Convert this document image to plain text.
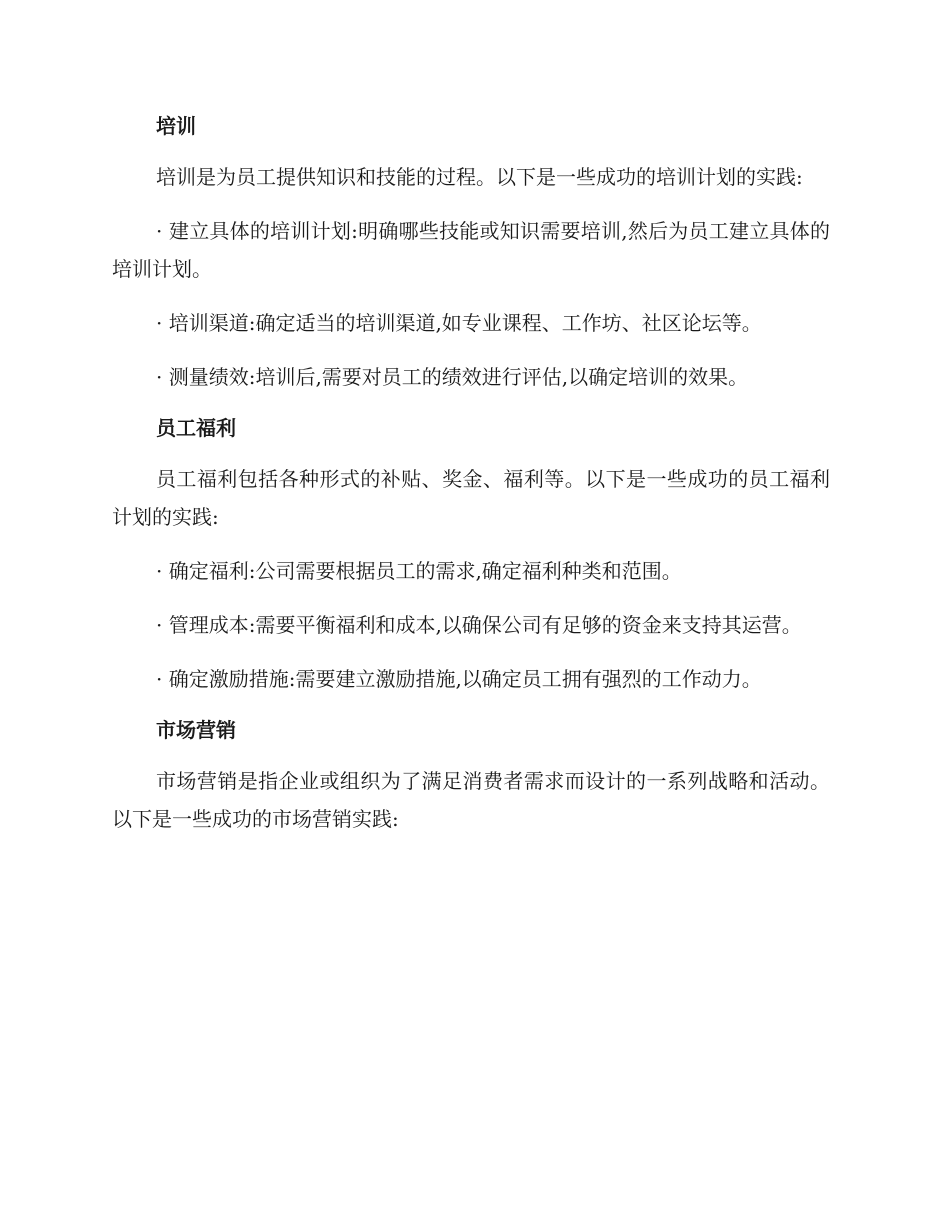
培训

培训是为员工提供知识和技能的过程。以下是一些成功的培训计划的实践:

· 建立具体的培训计划:明确哪些技能或知识需要培训,然后为员工建立具体的培训计划。

· 培训渠道:确定适当的培训渠道,如专业课程、工作坊、社区论坛等。

· 测量绩效:培训后,需要对员工的绩效进行评估,以确定培训的效果。

员工福利

员工福利包括各种形式的补贴、奖金、福利等。以下是一些成功的员工福利计划的实践:

· 确定福利:公司需要根据员工的需求,确定福利种类和范围。

· 管理成本:需要平衡福利和成本,以确保公司有足够的资金来支持其运营。

· 确定激励措施:需要建立激励措施,以确定员工拥有强烈的工作动力。

市场营销

市场营销是指企业或组织为了满足消费者需求而设计的一系列战略和活动。以下是一些成功的市场营销实践:
